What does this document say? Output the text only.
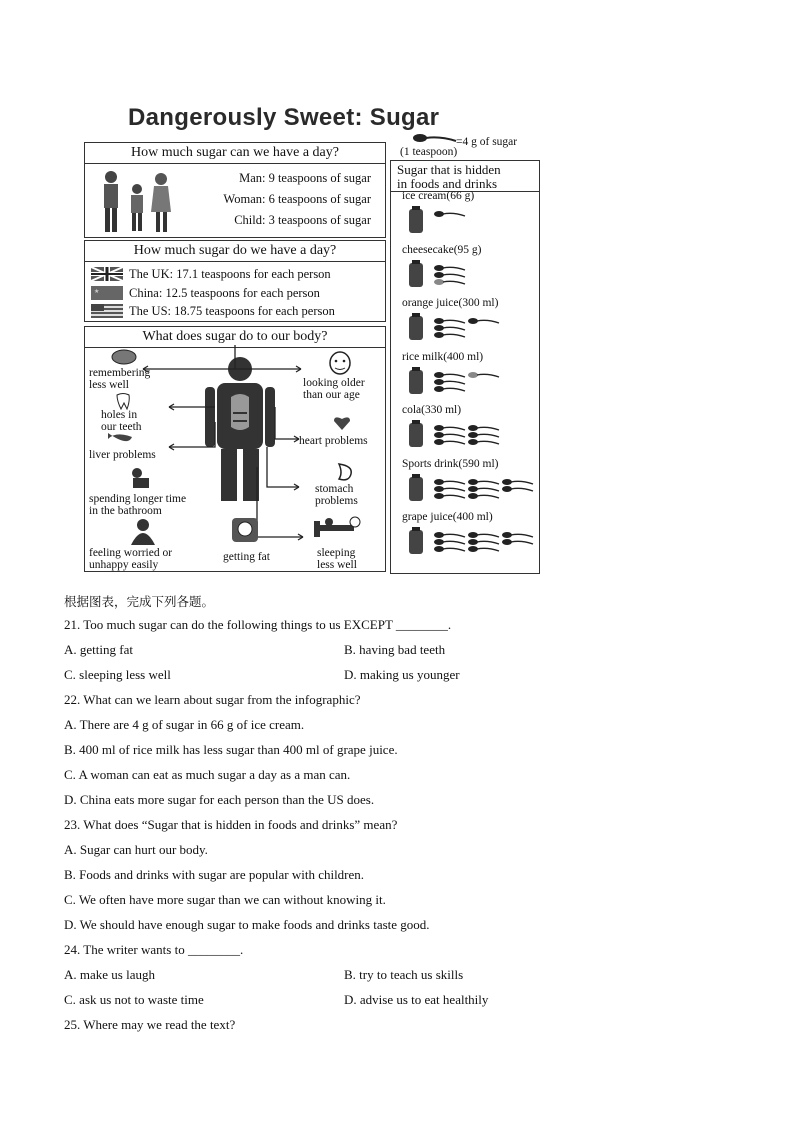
Dangerously Sweet: Sugar
=4 g of sugar
(1 teaspoon)
How much sugar can we have a day?
Man: 9 teaspoons of sugar
Woman: 6 teaspoons of sugar
Child: 3 teaspoons of sugar
How much sugar do we have a day?
★
The UK: 17.1 teaspoons for each person
China: 12.5 teaspoons for each person
The US: 18.75 teaspoons for each person
What does sugar do to our body?
remembering
less well
holes in
our teeth
liver problems
spending longer time
in the bathroom
feeling worried or
unhappy easily
getting fat
looking older
than our age
heart problems
stomach
problems
sleeping
less well
Sugar that is hidden
in foods and drinks
ice cream(66 g)
cheesecake(95 g)
orange juice(300 ml)
rice milk(400 ml)
cola(330 ml)
Sports drink(590 ml)
grape juice(400 ml)
根据图表，完成下列各题。
21. Too much sugar can do the following things to us EXCEPT ________.
A. getting fat	B. having bad teeth
C. sleeping less well	D. making us younger
22. What can we learn about sugar from the infographic?
A. There are 4 g of sugar in 66 g of ice cream.
B. 400 ml of rice milk has less sugar than 400 ml of grape juice.
C. A woman can eat as much sugar a day as a man can.
D. China eats more sugar for each person than the US does.
23. What does “Sugar that is hidden in foods and drinks” mean?
A. Sugar can hurt our body.
B. Foods and drinks with sugar are popular with children.
C. We often have more sugar than we can without knowing it.
D. We should have enough sugar to make foods and drinks taste good.
24. The writer wants to ________.
A. make us laugh	B. try to teach us skills
C. ask us not to waste time	D. advise us to eat healthily
25. Where may we read the text?
